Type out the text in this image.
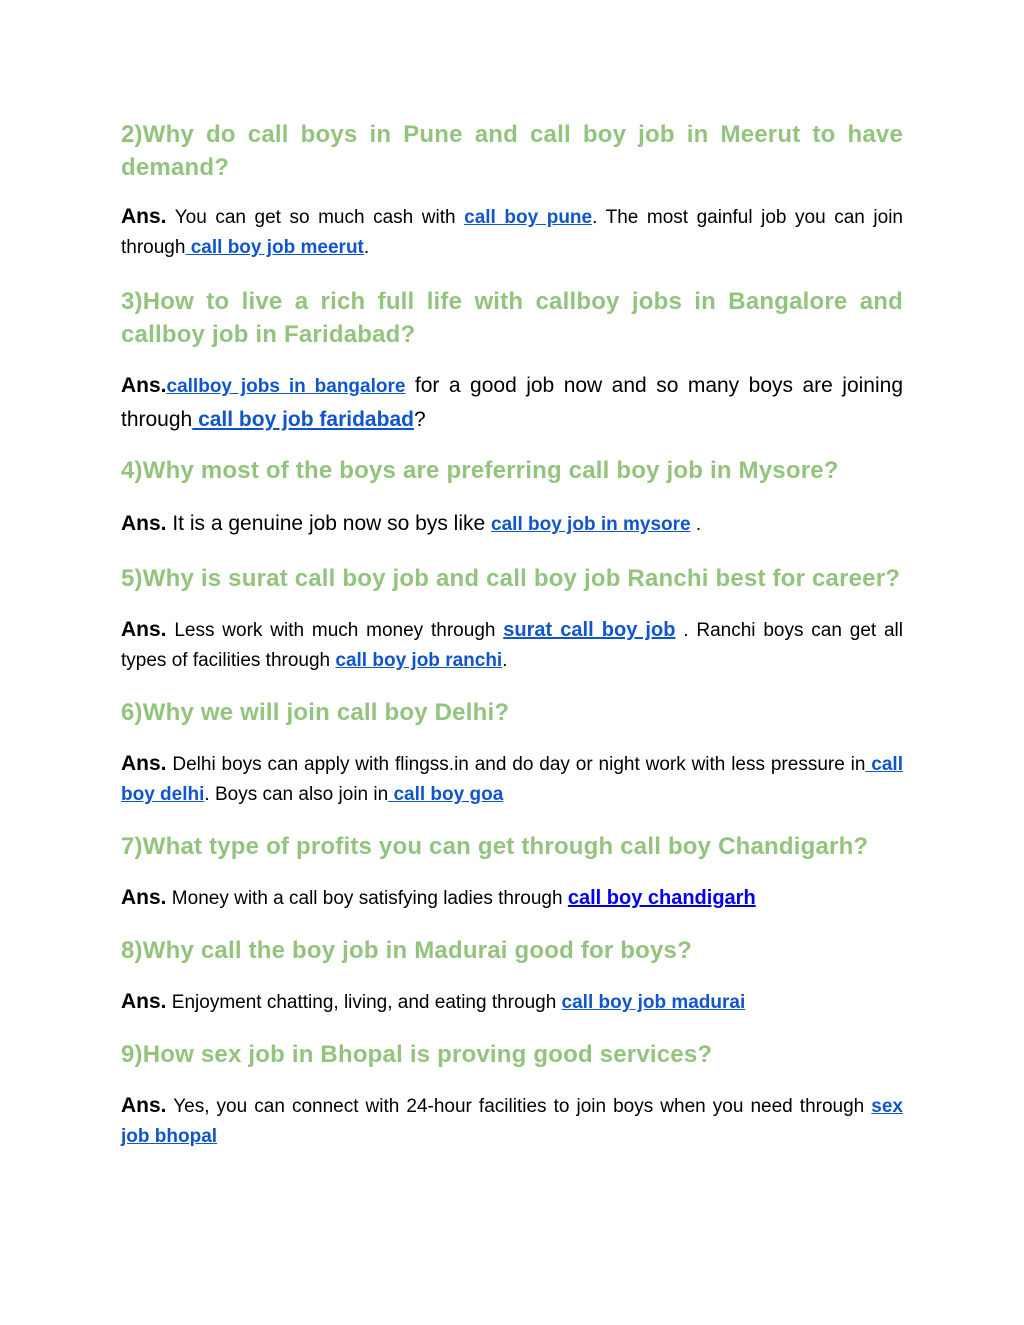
2)Why do call boys in Pune and call boy job in Meerut to have demand?

Ans. You can get so much cash with call boy pune. The most gainful job you can join through call boy job meerut.

3)How to live a rich full life with callboy jobs in Bangalore and callboy job in Faridabad?

Ans.callboy jobs in bangalore for a good job now and so many boys are joining through call boy job faridabad?

4)Why most of the boys are preferring call boy job in Mysore?

Ans. It is a genuine job now so bys like call boy job in mysore .

5)Why is surat call boy job and call boy job Ranchi best for career?

Ans. Less work with much money through surat call boy job . Ranchi boys can get all types of facilities through call boy job ranchi.

6)Why we will join call boy Delhi?

Ans. Delhi boys can apply with flingss.in and do day or night work with less pressure in call boy delhi. Boys can also join in call boy goa

7)What type of profits you can get through call boy Chandigarh?

Ans. Money with a call boy satisfying ladies through call boy chandigarh

8)Why call the boy job in Madurai good for boys?

Ans. Enjoyment chatting, living, and eating through call boy job madurai

9)How sex job in Bhopal is proving good services?

Ans. Yes, you can connect with 24-hour facilities to join boys when you need through sex job bhopal
